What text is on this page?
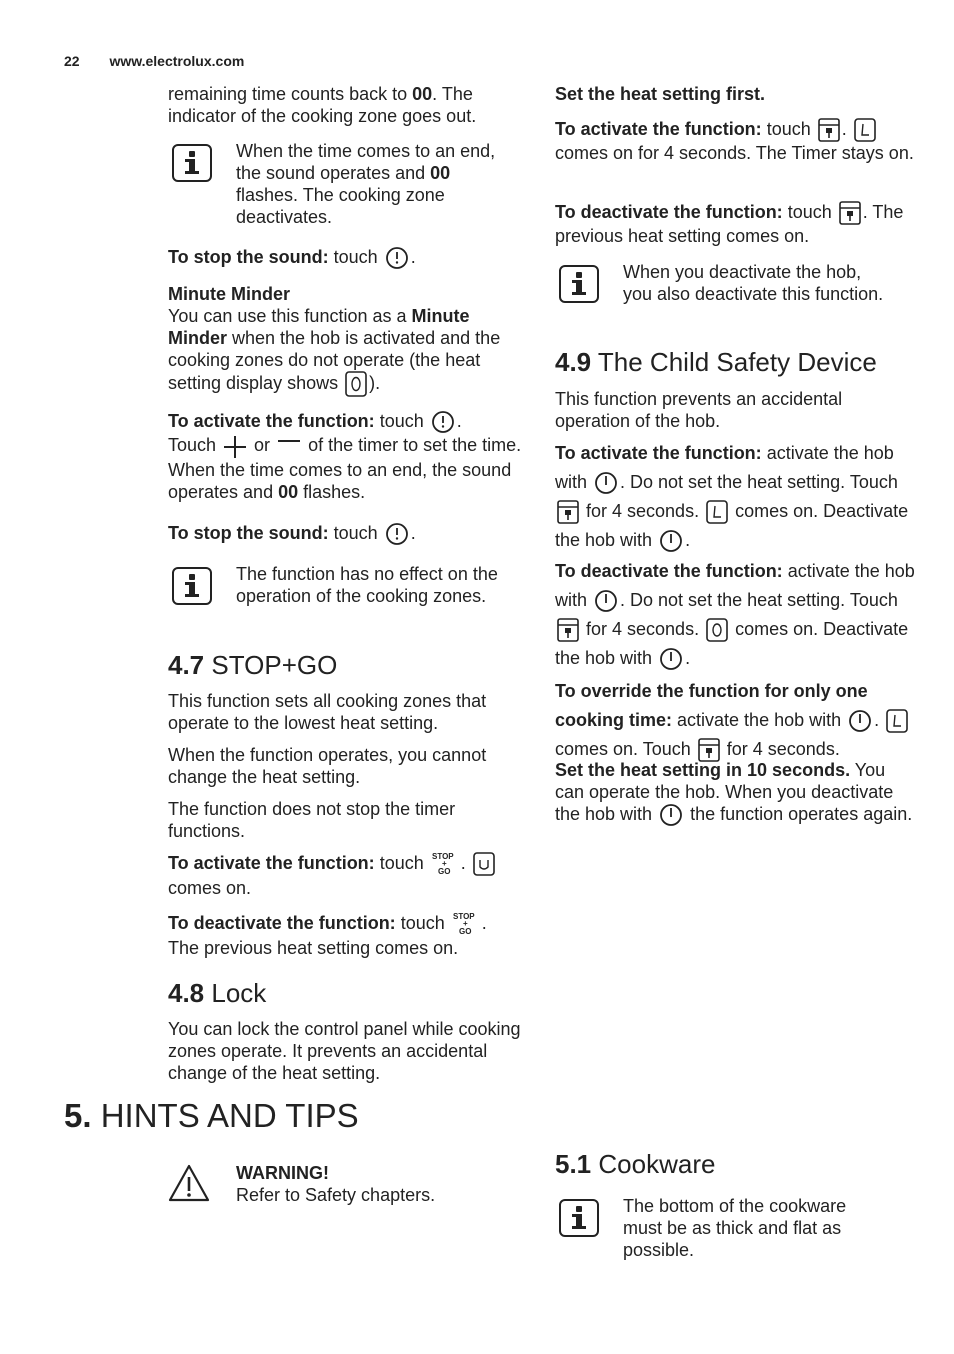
22 www.electrolux.com

remaining time counts back to 00. The indicator of the cooking zone goes out.

When the time comes to an end, the sound operates and 00 flashes. The cooking zone deactivates.

To stop the sound: touch .

Minute Minder

You can use this function as a Minute Minder when the hob is activated and the cooking zones do not operate (the heat setting display shows ).

To activate the function: touch .

Touch  or  of the timer to set the time. When the time comes to an end, the sound operates and 00 flashes.

To stop the sound: touch .

The function has no effect on the operation of the cooking zones.

4.7 STOP+GO

This function sets all cooking zones that operate to the lowest heat setting.

When the function operates, you cannot change the heat setting.

The function does not stop the timer functions.

To activate the function: touch STOP
+
GO .

comes on.

To deactivate the function: touch STOP
+
GO .

The previous heat setting comes on.

4.8 Lock

You can lock the control panel while cooking zones operate. It prevents an accidental change of the heat setting.

5. HINTS AND TIPS

WARNING!
Refer to Safety chapters.

Set the heat setting first.

To activate the function: touch .  comes on for 4 seconds. The Timer stays on.

To deactivate the function: touch . The previous heat setting comes on.

When you deactivate the hob, you also deactivate this function.

4.9 The Child Safety Device

This function prevents an accidental operation of the hob.

To activate the function: activate the hob with . Do not set the heat setting. Touch  for 4 seconds.  comes on. Deactivate the hob with .

To deactivate the function: activate the hob with . Do not set the heat setting. Touch  for 4 seconds.  comes on. Deactivate the hob with .

To override the function for only one cooking time: activate the hob with .  comes on. Touch  for 4 seconds.

Set the heat setting in 10 seconds. You can operate the hob. When you deactivate the hob with  the function operates again.

5.1 Cookware

The bottom of the cookware must be as thick and flat as possible.
